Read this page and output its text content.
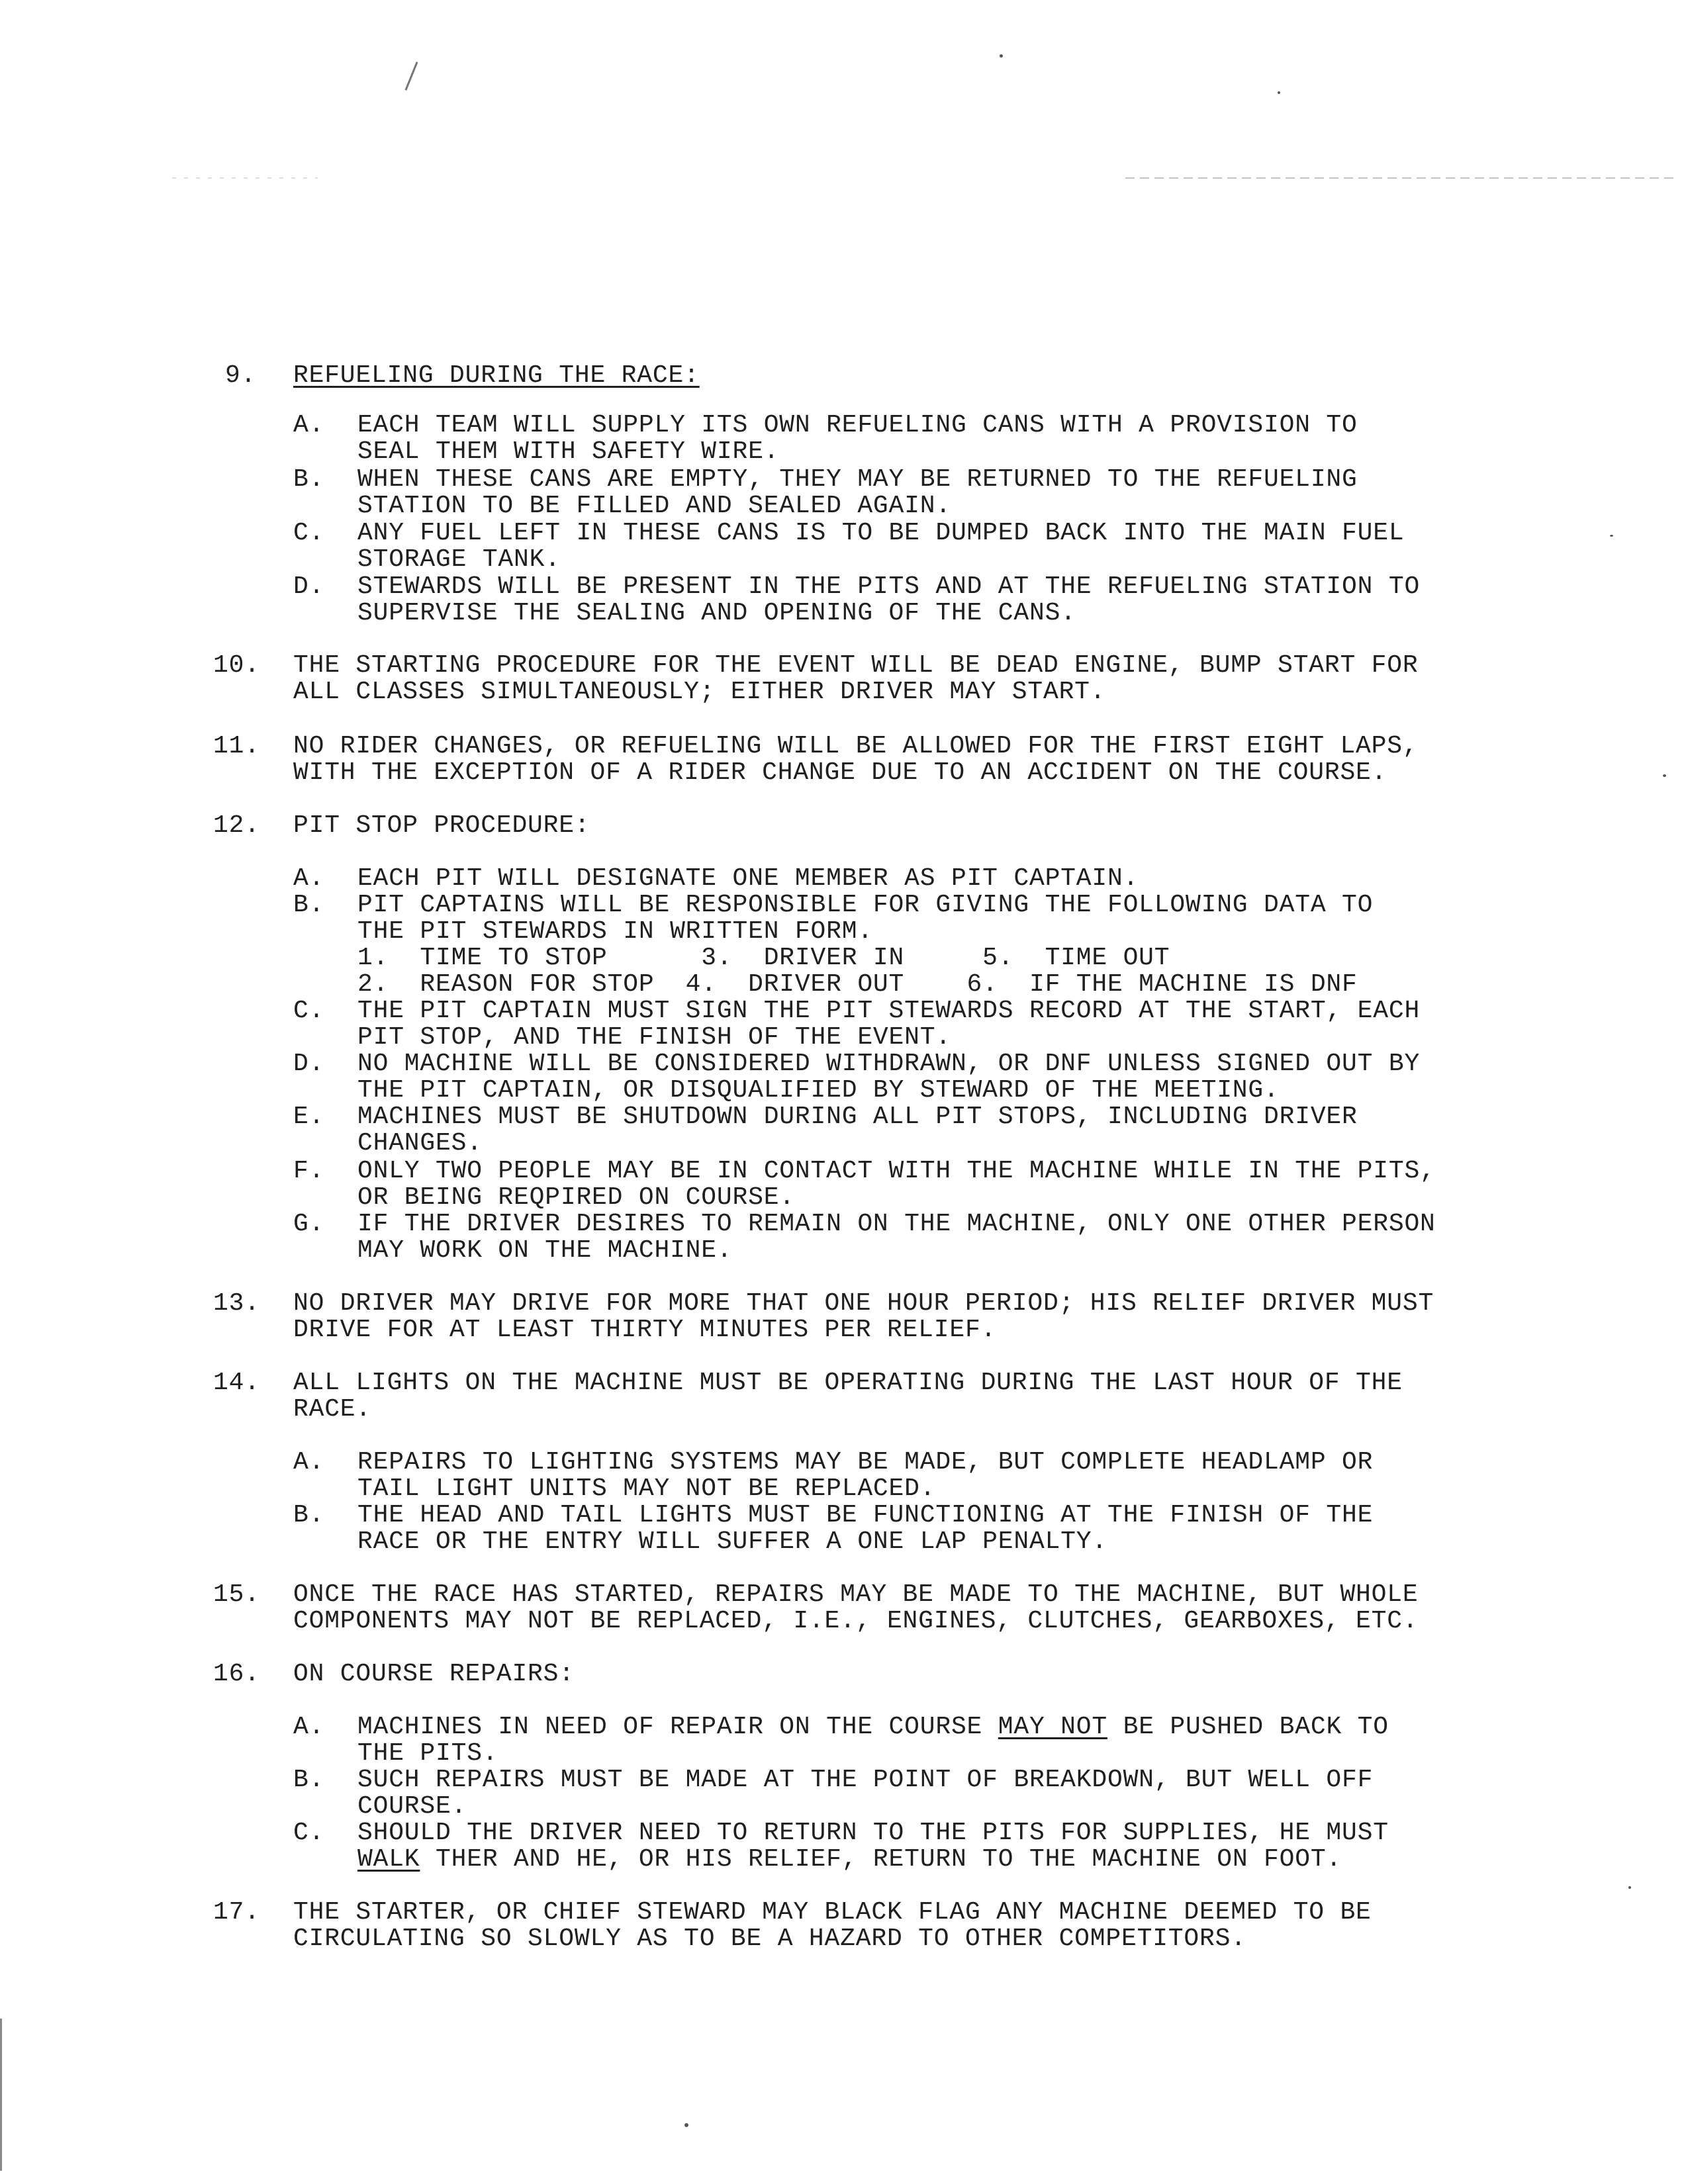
9. REFUELING DURING THE RACE:
A. EACH TEAM WILL SUPPLY ITS OWN REFUELING CANS WITH A PROVISION TO
SEAL THEM WITH SAFETY WIRE.
B. WHEN THESE CANS ARE EMPTY, THEY MAY BE RETURNED TO THE REFUELING
STATION TO BE FILLED AND SEALED AGAIN.
C. ANY FUEL LEFT IN THESE CANS IS TO BE DUMPED BACK INTO THE MAIN FUEL
STORAGE TANK.
D. STEWARDS WILL BE PRESENT IN THE PITS AND AT THE REFUELING STATION TO
SUPERVISE THE SEALING AND OPENING OF THE CANS.
10. THE STARTING PROCEDURE FOR THE EVENT WILL BE DEAD ENGINE, BUMP START FOR
ALL CLASSES SIMULTANEOUSLY; EITHER DRIVER MAY START.
11. NO RIDER CHANGES, OR REFUELING WILL BE ALLOWED FOR THE FIRST EIGHT LAPS,
WITH THE EXCEPTION OF A RIDER CHANGE DUE TO AN ACCIDENT ON THE COURSE.
12. PIT STOP PROCEDURE:
A. EACH PIT WILL DESIGNATE ONE MEMBER AS PIT CAPTAIN.
B. PIT CAPTAINS WILL BE RESPONSIBLE FOR GIVING THE FOLLOWING DATA TO
THE PIT STEWARDS IN WRITTEN FORM.
1.  TIME TO STOP      3.  DRIVER IN     5.  TIME OUT
2.  REASON FOR STOP  4.  DRIVER OUT    6.  IF THE MACHINE IS DNF
C. THE PIT CAPTAIN MUST SIGN THE PIT STEWARDS RECORD AT THE START, EACH
PIT STOP, AND THE FINISH OF THE EVENT.
D. NO MACHINE WILL BE CONSIDERED WITHDRAWN, OR DNF UNLESS SIGNED OUT BY
THE PIT CAPTAIN, OR DISQUALIFIED BY STEWARD OF THE MEETING.
E. MACHINES MUST BE SHUTDOWN DURING ALL PIT STOPS, INCLUDING DRIVER
CHANGES.
F. ONLY TWO PEOPLE MAY BE IN CONTACT WITH THE MACHINE WHILE IN THE PITS,
OR BEING REQPIRED ON COURSE.
G. IF THE DRIVER DESIRES TO REMAIN ON THE MACHINE, ONLY ONE OTHER PERSON
MAY WORK ON THE MACHINE.
13. NO DRIVER MAY DRIVE FOR MORE THAT ONE HOUR PERIOD; HIS RELIEF DRIVER MUST
DRIVE FOR AT LEAST THIRTY MINUTES PER RELIEF.
14. ALL LIGHTS ON THE MACHINE MUST BE OPERATING DURING THE LAST HOUR OF THE
RACE.
A. REPAIRS TO LIGHTING SYSTEMS MAY BE MADE, BUT COMPLETE HEADLAMP OR
TAIL LIGHT UNITS MAY NOT BE REPLACED.
B. THE HEAD AND TAIL LIGHTS MUST BE FUNCTIONING AT THE FINISH OF THE
RACE OR THE ENTRY WILL SUFFER A ONE LAP PENALTY.
15. ONCE THE RACE HAS STARTED, REPAIRS MAY BE MADE TO THE MACHINE, BUT WHOLE
COMPONENTS MAY NOT BE REPLACED, I.E., ENGINES, CLUTCHES, GEARBOXES, ETC.
16. ON COURSE REPAIRS:
A. MACHINES IN NEED OF REPAIR ON THE COURSE MAY NOT BE PUSHED BACK TO
THE PITS.
B. SUCH REPAIRS MUST BE MADE AT THE POINT OF BREAKDOWN, BUT WELL OFF
COURSE.
C. SHOULD THE DRIVER NEED TO RETURN TO THE PITS FOR SUPPLIES, HE MUST
WALK THER AND HE, OR HIS RELIEF, RETURN TO THE MACHINE ON FOOT.
17. THE STARTER, OR CHIEF STEWARD MAY BLACK FLAG ANY MACHINE DEEMED TO BE
CIRCULATING SO SLOWLY AS TO BE A HAZARD TO OTHER COMPETITORS.
